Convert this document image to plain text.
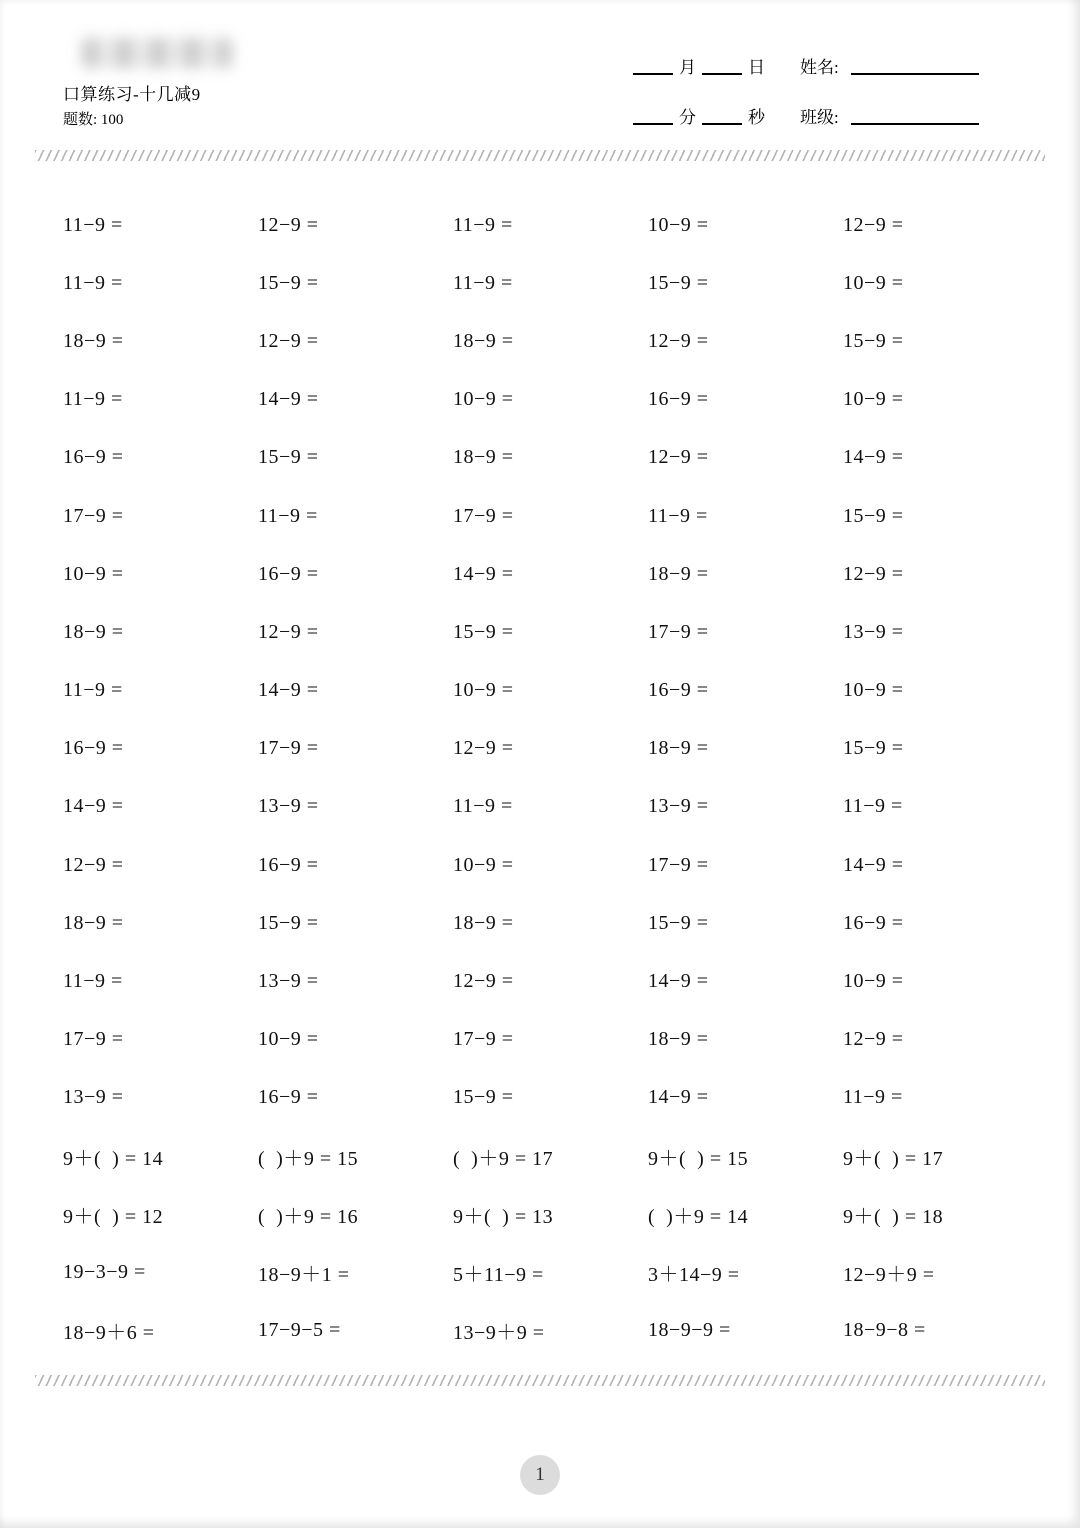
口算练习-十几减9
题数: 100
月	日
分	秒
姓名:
班级:
11−9 =	12−9 =	11−9 =	10−9 =	12−9 =
11−9 =	15−9 =	11−9 =	15−9 =	10−9 =
18−9 =	12−9 =	18−9 =	12−9 =	15−9 =
11−9 =	14−9 =	10−9 =	16−9 =	10−9 =
16−9 =	15−9 =	18−9 =	12−9 =	14−9 =
17−9 =	11−9 =	17−9 =	11−9 =	15−9 =
10−9 =	16−9 =	14−9 =	18−9 =	12−9 =
18−9 =	12−9 =	15−9 =	17−9 =	13−9 =
11−9 =	14−9 =	10−9 =	16−9 =	10−9 =
16−9 =	17−9 =	12−9 =	18−9 =	15−9 =
14−9 =	13−9 =	11−9 =	13−9 =	11−9 =
12−9 =	16−9 =	10−9 =	17−9 =	14−9 =
18−9 =	15−9 =	18−9 =	15−9 =	16−9 =
11−9 =	13−9 =	12−9 =	14−9 =	10−9 =
17−9 =	10−9 =	17−9 =	18−9 =	12−9 =
13−9 =	16−9 =	15−9 =	14−9 =	11−9 =
9＋(  ) = 14	(  )＋9 = 15	(  )＋9 = 17	9＋(  ) = 15	9＋(  ) = 17
9＋(  ) = 12	(  )＋9 = 16	9＋(  ) = 13	(  )＋9 = 14	9＋(  ) = 18
19−3−9 =	18−9＋1 =	5＋11−9 =	3＋14−9 =	12−9＋9 =
18−9＋6 =	17−9−5 =	13−9＋9 =	18−9−9 =	18−9−8 =
1
